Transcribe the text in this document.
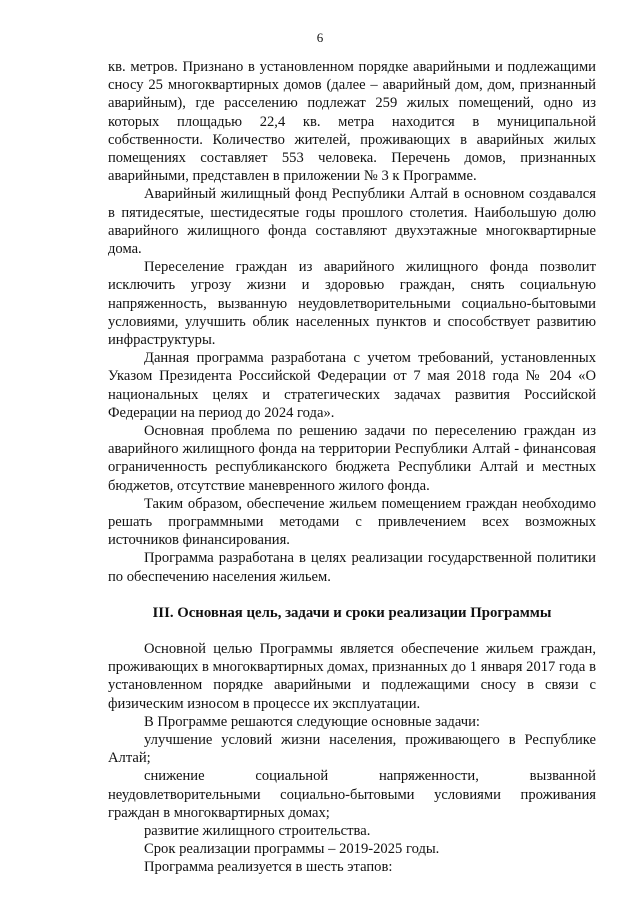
6

кв. метров. Признано в установленном порядке аварийными и подлежащими сносу 25 многоквартирных домов (далее – аварийный дом, дом, признанный аварийным), где расселению подлежат 259 жилых помещений, одно из которых площадью 22,4 кв. метра находится в муниципальной собственности. Количество жителей, проживающих в аварийных жилых помещениях составляет 553 человека. Перечень домов, признанных аварийными, представлен в приложении № 3 к Программе.

Аварийный жилищный фонд Республики Алтай в основном создавался в пятидесятые, шестидесятые годы прошлого столетия. Наибольшую долю аварийного жилищного фонда составляют двухэтажные многоквартирные дома.

Переселение граждан из аварийного жилищного фонда позволит исключить угрозу жизни и здоровью граждан, снять социальную напряженность, вызванную неудовлетворительными социально-бытовыми условиями, улучшить облик населенных пунктов и способствует развитию инфраструктуры.

Данная программа разработана с учетом требований, установленных Указом Президента Российской Федерации от 7 мая 2018 года № 204 «О национальных целях и стратегических задачах развития Российской Федерации на период до 2024 года».

Основная проблема по решению задачи по переселению граждан из аварийного жилищного фонда на территории Республики Алтай - финансовая ограниченность республиканского бюджета Республики Алтай и местных бюджетов, отсутствие маневренного жилого фонда.

Таким образом, обеспечение жильем помещением граждан необходимо решать программными методами с привлечением всех возможных источников финансирования.

Программа разработана в целях реализации государственной политики по обеспечению населения жильем.

III. Основная цель, задачи и сроки реализации Программы

Основной целью Программы является обеспечение жильем граждан, проживающих в многоквартирных домах, признанных до 1 января 2017 года в установленном порядке аварийными и подлежащими сносу в связи с физическим износом в процессе их эксплуатации.

В Программе решаются следующие основные задачи:

улучшение условий жизни населения, проживающего в Республике Алтай;

снижение социальной напряженности, вызванной неудовлетворительными социально-бытовыми условиями проживания граждан в многоквартирных домах;

развитие жилищного строительства.

Срок реализации программы – 2019-2025 годы.

Программа реализуется в шесть этапов:
